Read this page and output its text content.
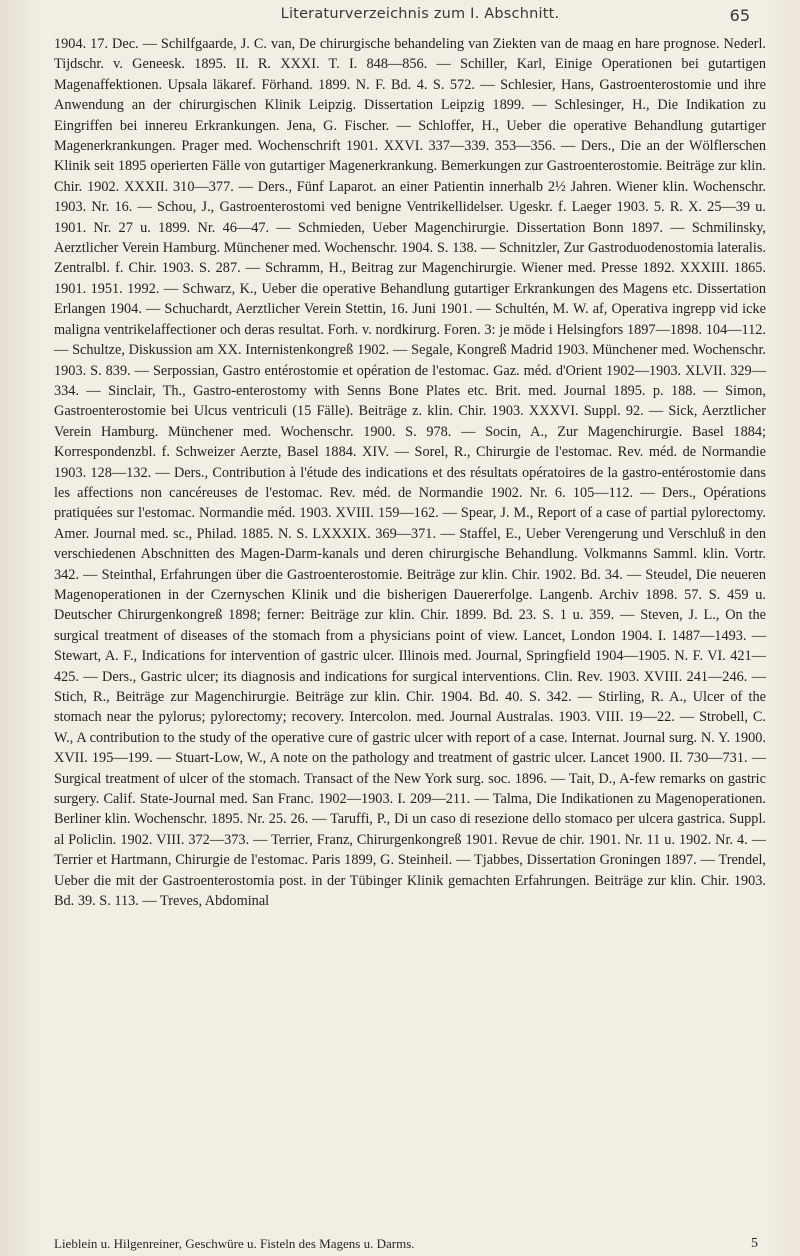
Literaturverzeichnis zum I. Abschnitt.	65

1904. 17. Dec. — Schilfgaarde, J. C. van, De chirurgische behandeling van Ziekten van de maag en hare prognose. Nederl. Tijdschr. v. Geneesk. 1895. II. R. XXXI. T. I. 848—856. — Schiller, Karl, Einige Operationen bei gutartigen Magenaffektionen. Upsala läkaref. Förhand. 1899. N. F. Bd. 4. S. 572. — Schlesier, Hans, Gastroenterostomie und ihre Anwendung an der chirurgischen Klinik Leipzig. Dissertation Leipzig 1899. — Schlesinger, H., Die Indikation zu Eingriffen bei innereu Erkrankungen. Jena, G. Fischer. — Schloffer, H., Ueber die operative Behandlung gutartiger Magenerkrankungen. Prager med. Wochenschrift 1901. XXVI. 337—339. 353—356. — Ders., Die an der Wölflerschen Klinik seit 1895 operierten Fälle von gutartiger Magenerkrankung. Bemerkungen zur Gastroenterostomie. Beiträge zur klin. Chir. 1902. XXXII. 310—377. — Ders., Fünf Laparot. an einer Patientin innerhalb 2½ Jahren. Wiener klin. Wochenschr. 1903. Nr. 16. — Schou, J., Gastroenterostomi ved benigne Ventrikellidelser. Ugeskr. f. Laeger 1903. 5. R. X. 25—39 u. 1901. Nr. 27 u. 1899. Nr. 46—47. — Schmieden, Ueber Magenchirurgie. Dissertation Bonn 1897. — Schmilinsky, Aerztlicher Verein Hamburg. Münchener med. Wochenschr. 1904. S. 138. — Schnitzler, Zur Gastroduodenostomia lateralis. Zentralbl. f. Chir. 1903. S. 287. — Schramm, H., Beitrag zur Magenchirurgie. Wiener med. Presse 1892. XXXIII. 1865. 1901. 1951. 1992. — Schwarz, K., Ueber die operative Behandlung gutartiger Erkrankungen des Magens etc. Dissertation Erlangen 1904. — Schuchardt, Aerztlicher Verein Stettin, 16. Juni 1901. — Schultén, M. W. af, Operativa ingrepp vid icke maligna ventrikelaffectioner och deras resultat. Forh. v. nordkirurg. Foren. 3: je möde i Helsingfors 1897—1898. 104—112. — Schultze, Diskussion am XX. Internistenkongreß 1902. — Segale, Kongreß Madrid 1903. Münchener med. Wochenschr. 1903. S. 839. — Serpossian, Gastro entérostomie et opération de l'estomac. Gaz. méd. d'Orient 1902—1903. XLVII. 329—334. — Sinclair, Th., Gastro-enterostomy with Senns Bone Plates etc. Brit. med. Journal 1895. p. 188. — Simon, Gastroenterostomie bei Ulcus ventriculi (15 Fälle). Beiträge z. klin. Chir. 1903. XXXVI. Suppl. 92. — Sick, Aerztlicher Verein Hamburg. Münchener med. Wochenschr. 1900. S. 978. — Socin, A., Zur Magenchirurgie. Basel 1884; Korrespondenzbl. f. Schweizer Aerzte, Basel 1884. XIV. — Sorel, R., Chirurgie de l'estomac. Rev. méd. de Normandie 1903. 128—132. — Ders., Contribution à l'étude des indications et des résultats opératoires de la gastro-entérostomie dans les affections non cancéreuses de l'estomac. Rev. méd. de Normandie 1902. Nr. 6. 105—112. — Ders., Opérations pratiquées sur l'estomac. Normandie méd. 1903. XVIII. 159—162. — Spear, J. M., Report of a case of partial pylorectomy. Amer. Journal med. sc., Philad. 1885. N. S. LXXXIX. 369—371. — Staffel, E., Ueber Verengerung und Verschluß in den verschiedenen Abschnitten des Magen-Darm-kanals und deren chirurgische Behandlung. Volkmanns Samml. klin. Vortr. 342. — Steinthal, Erfahrungen über die Gastroenterostomie. Beiträge zur klin. Chir. 1902. Bd. 34. — Steudel, Die neueren Magenoperationen in der Czernyschen Klinik und die bisherigen Dauererfolge. Langenb. Archiv 1898. 57. S. 459 u. Deutscher Chirurgenkongreß 1898; ferner: Beiträge zur klin. Chir. 1899. Bd. 23. S. 1 u. 359. — Steven, J. L., On the surgical treatment of diseases of the stomach from a physicians point of view. Lancet, London 1904. I. 1487—1493. — Stewart, A. F., Indications for intervention of gastric ulcer. Illinois med. Journal, Springfield 1904—1905. N. F. VI. 421—425. — Ders., Gastric ulcer; its diagnosis and indications for surgical interventions. Clin. Rev. 1903. XVIII. 241—246. — Stich, R., Beiträge zur Magenchirurgie. Beiträge zur klin. Chir. 1904. Bd. 40. S. 342. — Stirling, R. A., Ulcer of the stomach near the pylorus; pylorectomy; recovery. Intercolon. med. Journal Australas. 1903. VIII. 19—22. — Strobell, C. W., A contribution to the study of the operative cure of gastric ulcer with report of a case. Internat. Journal surg. N. Y. 1900. XVII. 195—199. — Stuart-Low, W., A note on the pathology and treatment of gastric ulcer. Lancet 1900. II. 730—731. — Surgical treatment of ulcer of the stomach. Transact of the New York surg. soc. 1896. — Tait, D., A-few remarks on gastric surgery. Calif. State-Journal med. San Franc. 1902—1903. I. 209—211. — Talma, Die Indikationen zu Magenoperationen. Berliner klin. Wochenschr. 1895. Nr. 25. 26. — Taruffi, P., Di un caso di resezione dello stomaco per ulcera gastrica. Suppl. al Policlin. 1902. VIII. 372—373. — Terrier, Franz, Chirurgenkongreß 1901. Revue de chir. 1901. Nr. 11 u. 1902. Nr. 4. — Terrier et Hartmann, Chirurgie de l'estomac. Paris 1899, G. Steinheil. — Tjabbes, Dissertation Groningen 1897. — Trendel, Ueber die mit der Gastroenterostomia post. in der Tübinger Klinik gemachten Erfahrungen. Beiträge zur klin. Chir. 1903. Bd. 39. S. 113. — Treves, Abdominal

Lieblein u. Hilgenreiner, Geschwüre u. Fisteln des Magens u. Darms.	5
